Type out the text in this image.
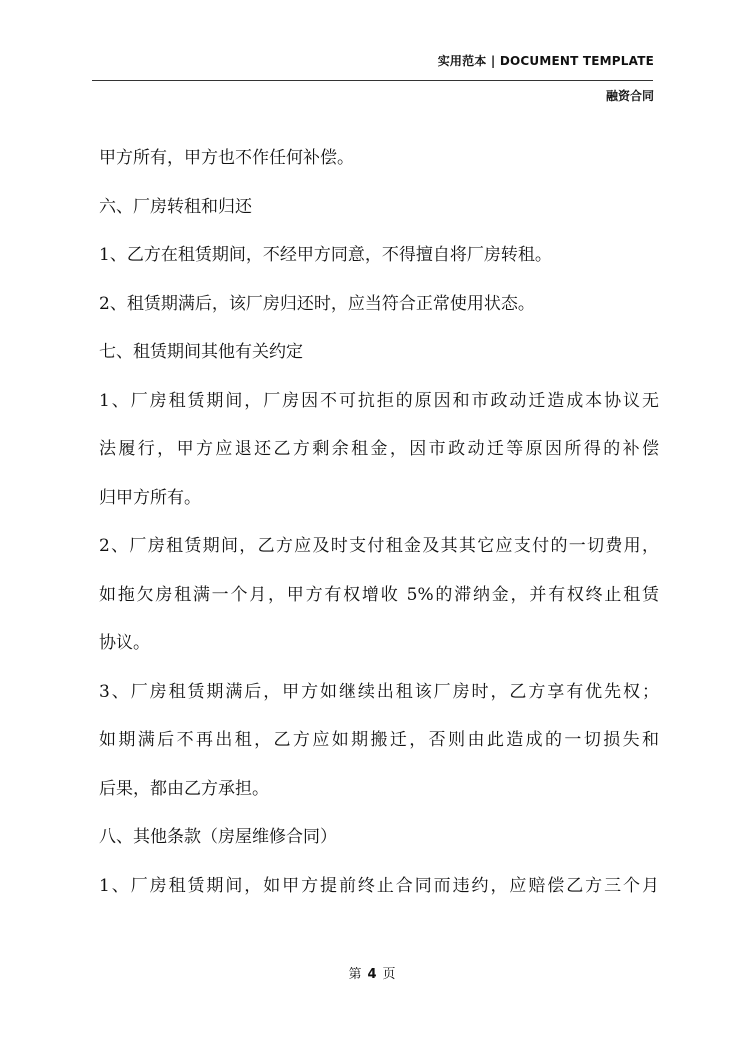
实用范本 | DOCUMENT TEMPLATE
融资合同
甲方所有，甲方也不作任何补偿。
六、厂房转租和归还
1、乙方在租赁期间，不经甲方同意，不得擅自将厂房转租。
2、租赁期满后，该厂房归还时，应当符合正常使用状态。
七、租赁期间其他有关约定
1、厂房租赁期间，厂房因不可抗拒的原因和市政动迁造成本协议无
法履行，甲方应退还乙方剩余租金，因市政动迁等原因所得的补偿
归甲方所有。
2、厂房租赁期间，乙方应及时支付租金及其其它应支付的一切费用，
如拖欠房租满一个月，甲方有权增收 5%的滞纳金，并有权终止租赁
协议。
3、厂房租赁期满后，甲方如继续出租该厂房时，乙方享有优先权；
如期满后不再出租，乙方应如期搬迁，否则由此造成的一切损失和
后果，都由乙方承担。
八、其他条款（房屋维修合同）
1、厂房租赁期间，如甲方提前终止合同而违约，应赔偿乙方三个月
第 4 页
